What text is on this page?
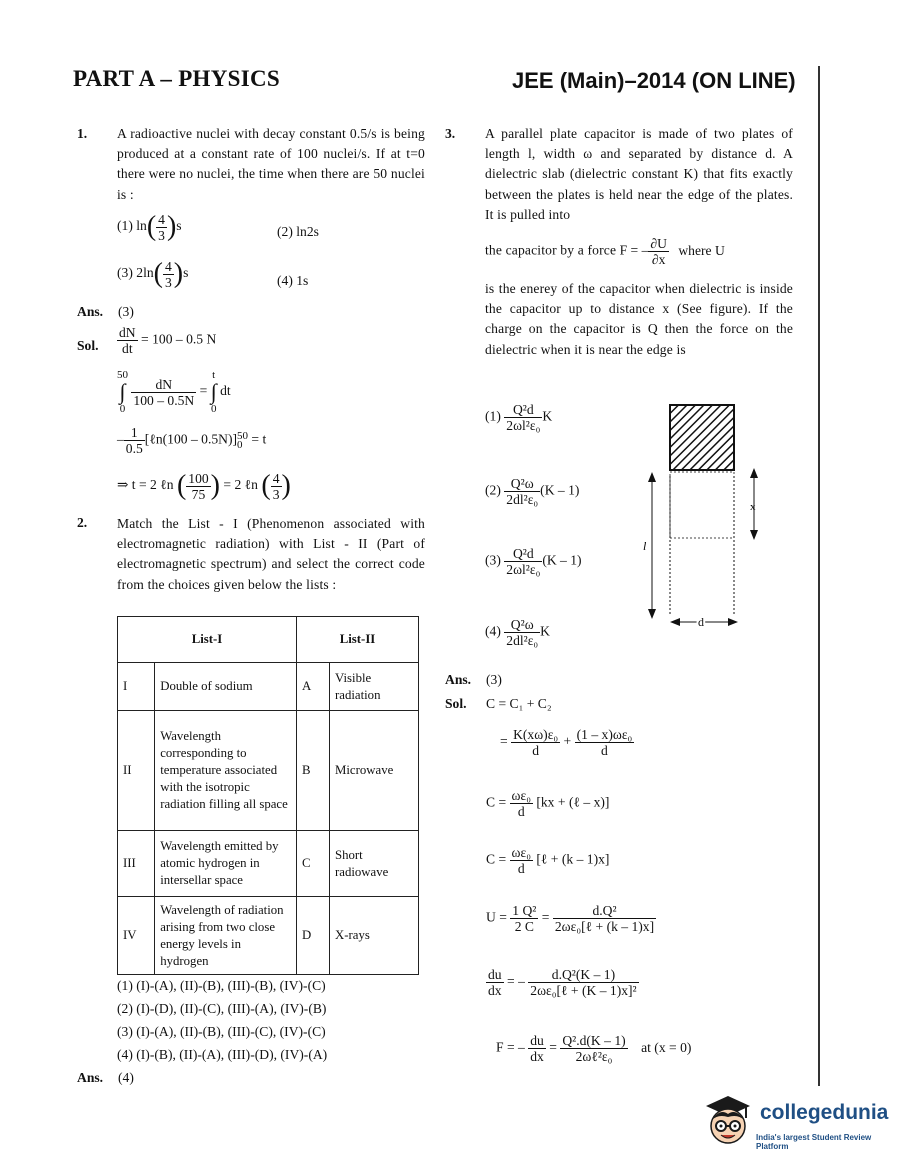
PART A – PHYSICS	JEE (Main)–2014 (ON LINE)
1. A radioactive nuclei with decay constant 0.5/s is being produced at a constant rate of 100 nuclei/s. If at t=0 there were no nuclei, the time when there are 50 nuclei is :
(1) $\ln( \frac{4}{3} )s$	(2) ln2s
(3) $2\ln( \frac{4}{3} )s$
(4) 1s
Ans. (3)
Sol. $\frac{dN}{dt} = 100 - 0.5$ N
50
∫
0

$\frac{dN}{100 - 0.5N}$ =
t
∫
0
dt
– $\frac{1}{0.5}$ [ℓn(100 – 0.5N)] 50
0 = t
⇒ t = 2 ℓn ( $\frac{100}{75}$ ) = 2 ℓn ( $\frac{4}{3}$ )
2. Match the List - I (Phenomenon associated with electromagnetic radiation) with List - II (Part of electromagnetic spectrum) and select the correct code from the choices given below the lists :
List-I		List-II	
I	Double of sodium	A	Visible radiation
II	Wavelength corresponding to temperature associated with the isotropic radiation filling all space	B	Microwave
III	Wavelength emitted by atomic hydrogen in intersellar space	C	Short radiowave
IV	Wavelength of radiation arising from two close energy levels in hydrogen	D	X-rays
(1) (I)-(A), (II)-(B), (III)-(B), (IV)-(C)
(2) (I)-(D), (II)-(C), (III)-(A), (IV)-(B)
(3) (I)-(A), (II)-(B), (III)-(C), (IV)-(C)
(4) (I)-(B), (II)-(A), (III)-(D), (IV)-(A)
Ans. (4)
3. A parallel plate capacitor is made of two plates of length l, width ω and separated by distance d. A dielectric slab (dielectric constant K) that fits exactly between the plates is held near the edge of the plates. It is pulled into
the capacitor by a force F = – $\frac{\partial U}{\partial x}$ where U
is the enerey of the capacitor when dielectric is inside the capacitor up to distance x (See figure). If the charge on the capacitor is Q then the force on the dielectric when it is near the edge is
$(1) \frac{\text{Q²d}}{\text{2ωl²ε₀}}$ K
$(2) \frac{\text{Q²ω}}{\text{2dl²ε₀}} (K - 1)$
$(3) \frac{\text{Q²d}}{\text{2ωl²ε₀}} (K - 1)$
$(4) \frac{\text{Q²ω}}{\text{2dl²ε₀}}$ K
l
x
d
Ans. (3)
Sol. C = C₁ + C₂
= $\frac{\text{K(xω)ε₀}}{d} + \frac{\text{(1 – x)ωε₀}}{d}$
$C = \frac{\text{ωε₀}}{d} [kx$ + (ℓ – x)]
$C = \frac{\text{ωε₀}}{d}$ [ℓ + (k – 1)x]
$U = \frac{\text{1 Q²}}{2 C} = \frac{\text{d.Q²}}{\text{2ωε₀[ℓ + (k – 1)x]}}$
$\frac{du}{dx}$ = – $\frac{\text{d.Q²(K – 1)}}{\text{2ωε₀[ℓ + (K – 1)x]²}}$
F = – $\frac{du}{dx} = \frac{\text{Q².d(K – 1)}}{\text{2ωℓ²ε₀}}$ at (x = 0)
collegedunia
India's largest Student Review Platform
